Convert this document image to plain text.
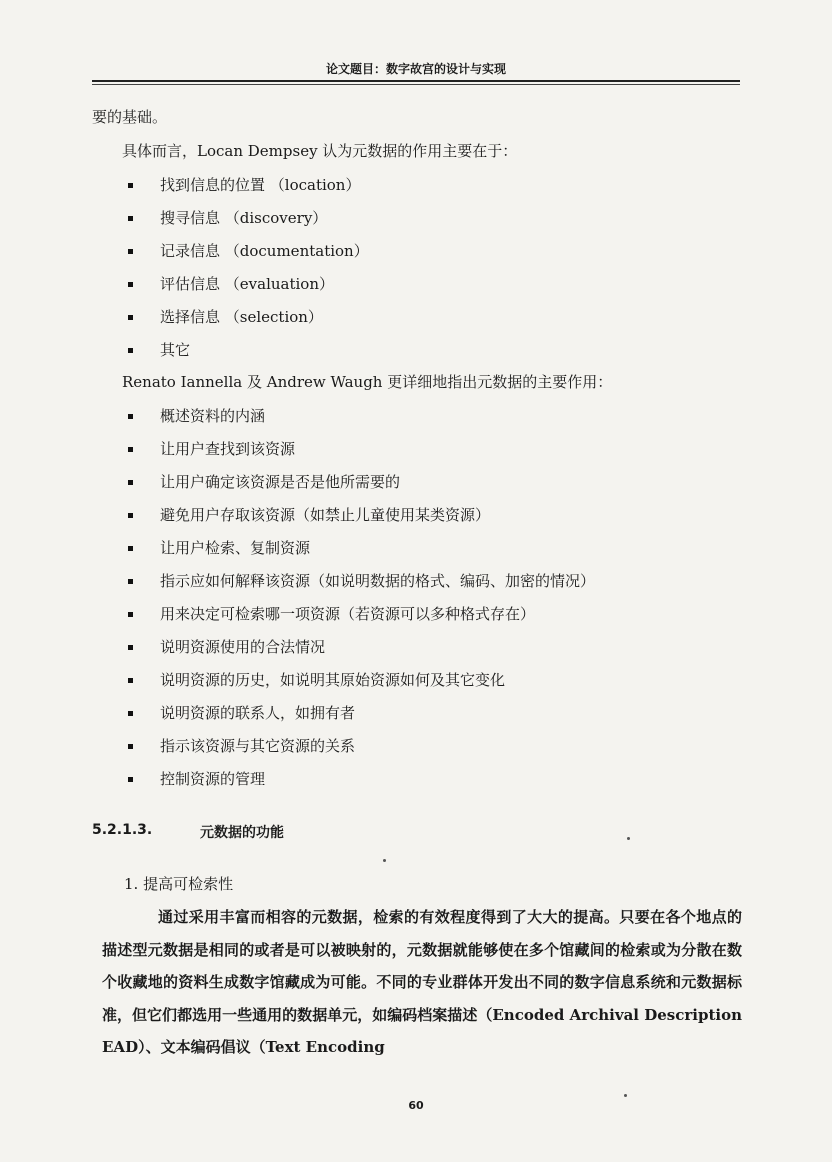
论文题目：数字故宫的设计与实现
要的基础。
具体而言，Locan Dempsey 认为元数据的作用主要在于：
找到信息的位置 （location）
搜寻信息 （discovery）
记录信息 （documentation）
评估信息 （evaluation）
选择信息 （selection）
其它
Renato Iannella 及 Andrew Waugh 更详细地指出元数据的主要作用：
概述资料的内涵
让用户查找到该资源
让用户确定该资源是否是他所需要的
避免用户存取该资源（如禁止儿童使用某类资源）
让用户检索、复制资源
指示应如何解释该资源（如说明数据的格式、编码、加密的情况）
用来决定可检索哪一项资源（若资源可以多种格式存在）
说明资源使用的合法情况
说明资源的历史，如说明其原始资源如何及其它变化
说明资源的联系人，如拥有者
指示该资源与其它资源的关系
控制资源的管理
5.2.1.3.	元数据的功能
1. 提高可检索性

通过采用丰富而相容的元数据，检索的有效程度得到了大大的提高。只要在各个地点的描述型元数据是相同的或者是可以被映射的，元数据就能够使在多个馆藏间的检索或为分散在数个收藏地的资料生成数字馆藏成为可能。不同的专业群体开发出不同的数字信息系统和元数据标准，但它们都选用一些通用的数据单元，如编码档案描述（Encoded Archival Description EAD）、文本编码倡议（Text Encoding

60
